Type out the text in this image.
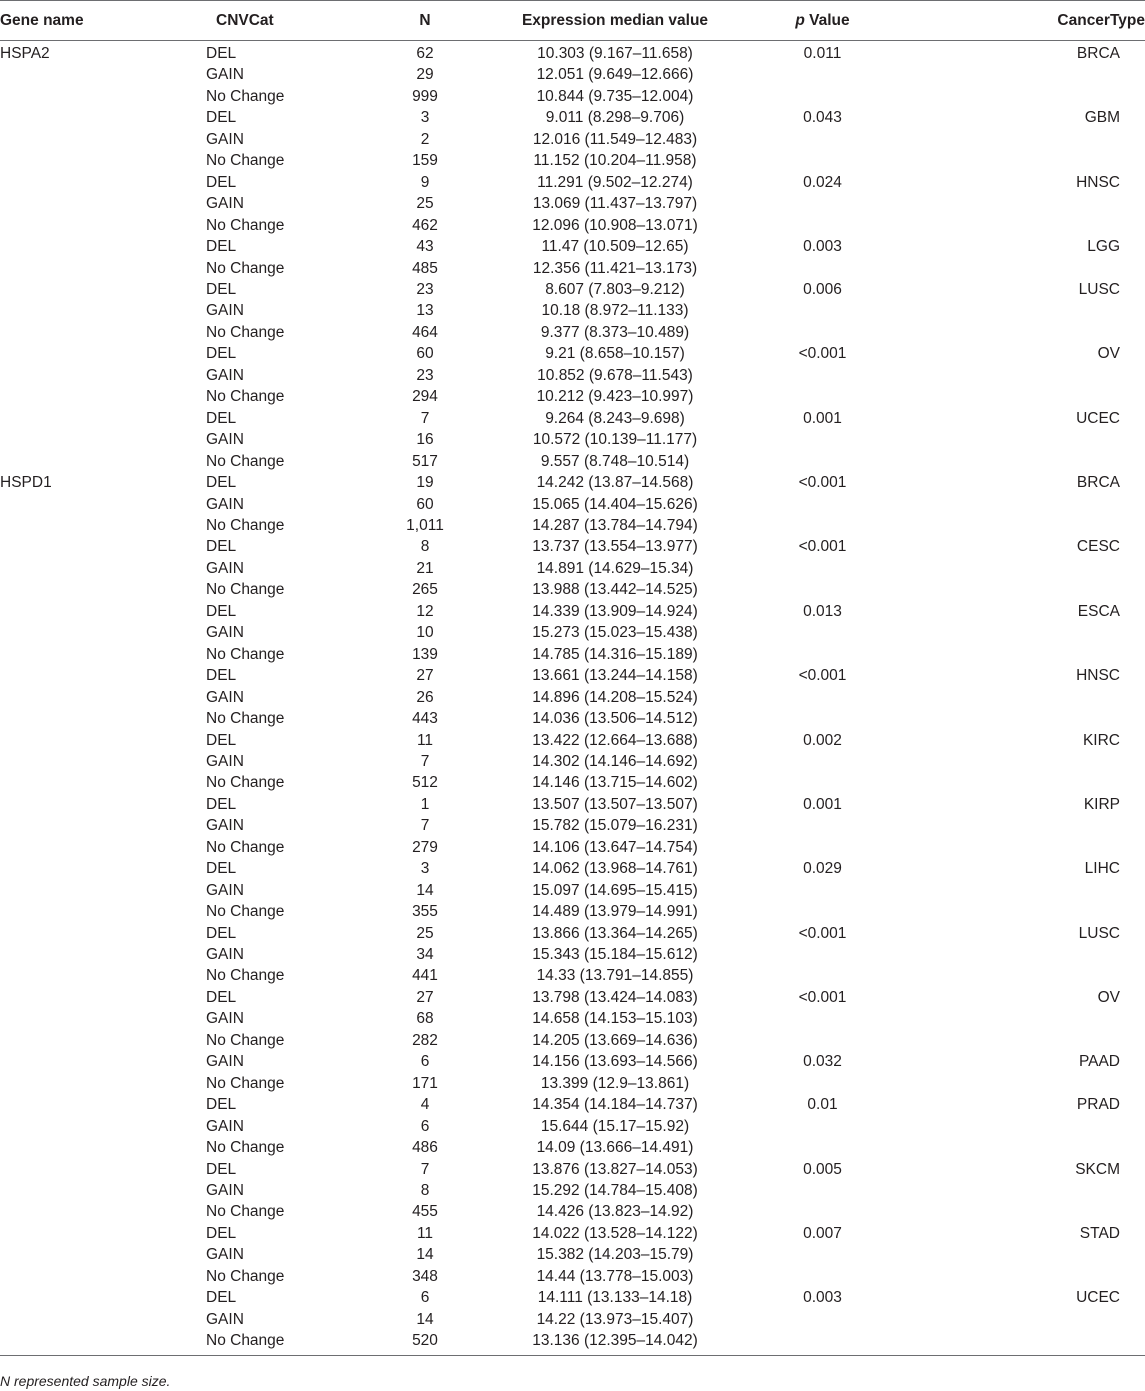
Gene name	CNVCat	N	Expression median value	p Value	CancerType
HSPA2	DEL	62	10.303 (9.167–11.658)	0.011	BRCA
	GAIN	29	12.051 (9.649–12.666)		
	No Change	999	10.844 (9.735–12.004)		
	DEL	3	9.011 (8.298–9.706)	0.043	GBM
	GAIN	2	12.016 (11.549–12.483)		
	No Change	159	11.152 (10.204–11.958)		
	DEL	9	11.291 (9.502–12.274)	0.024	HNSC
	GAIN	25	13.069 (11.437–13.797)		
	No Change	462	12.096 (10.908–13.071)		
	DEL	43	11.47 (10.509–12.65)	0.003	LGG
	No Change	485	12.356 (11.421–13.173)		
	DEL	23	8.607 (7.803–9.212)	0.006	LUSC
	GAIN	13	10.18 (8.972–11.133)		
	No Change	464	9.377 (8.373–10.489)		
	DEL	60	9.21 (8.658–10.157)	<0.001	OV
	GAIN	23	10.852 (9.678–11.543)		
	No Change	294	10.212 (9.423–10.997)		
	DEL	7	9.264 (8.243–9.698)	0.001	UCEC
	GAIN	16	10.572 (10.139–11.177)		
	No Change	517	9.557 (8.748–10.514)		
HSPD1	DEL	19	14.242 (13.87–14.568)	<0.001	BRCA
	GAIN	60	15.065 (14.404–15.626)		
	No Change	1,011	14.287 (13.784–14.794)		
	DEL	8	13.737 (13.554–13.977)	<0.001	CESC
	GAIN	21	14.891 (14.629–15.34)		
	No Change	265	13.988 (13.442–14.525)		
	DEL	12	14.339 (13.909–14.924)	0.013	ESCA
	GAIN	10	15.273 (15.023–15.438)		
	No Change	139	14.785 (14.316–15.189)		
	DEL	27	13.661 (13.244–14.158)	<0.001	HNSC
	GAIN	26	14.896 (14.208–15.524)		
	No Change	443	14.036 (13.506–14.512)		
	DEL	11	13.422 (12.664–13.688)	0.002	KIRC
	GAIN	7	14.302 (14.146–14.692)		
	No Change	512	14.146 (13.715–14.602)		
	DEL	1	13.507 (13.507–13.507)	0.001	KIRP
	GAIN	7	15.782 (15.079–16.231)		
	No Change	279	14.106 (13.647–14.754)		
	DEL	3	14.062 (13.968–14.761)	0.029	LIHC
	GAIN	14	15.097 (14.695–15.415)		
	No Change	355	14.489 (13.979–14.991)		
	DEL	25	13.866 (13.364–14.265)	<0.001	LUSC
	GAIN	34	15.343 (15.184–15.612)		
	No Change	441	14.33 (13.791–14.855)		
	DEL	27	13.798 (13.424–14.083)	<0.001	OV
	GAIN	68	14.658 (14.153–15.103)		
	No Change	282	14.205 (13.669–14.636)		
	GAIN	6	14.156 (13.693–14.566)	0.032	PAAD
	No Change	171	13.399 (12.9–13.861)		
	DEL	4	14.354 (14.184–14.737)	0.01	PRAD
	GAIN	6	15.644 (15.17–15.92)		
	No Change	486	14.09 (13.666–14.491)		
	DEL	7	13.876 (13.827–14.053)	0.005	SKCM
	GAIN	8	15.292 (14.784–15.408)		
	No Change	455	14.426 (13.823–14.92)		
	DEL	11	14.022 (13.528–14.122)	0.007	STAD
	GAIN	14	15.382 (14.203–15.79)		
	No Change	348	14.44 (13.778–15.003)		
	DEL	6	14.111 (13.133–14.18)	0.003	UCEC
	GAIN	14	14.22 (13.973–15.407)		
	No Change	520	13.136 (12.395–14.042)		
N represented sample size.
